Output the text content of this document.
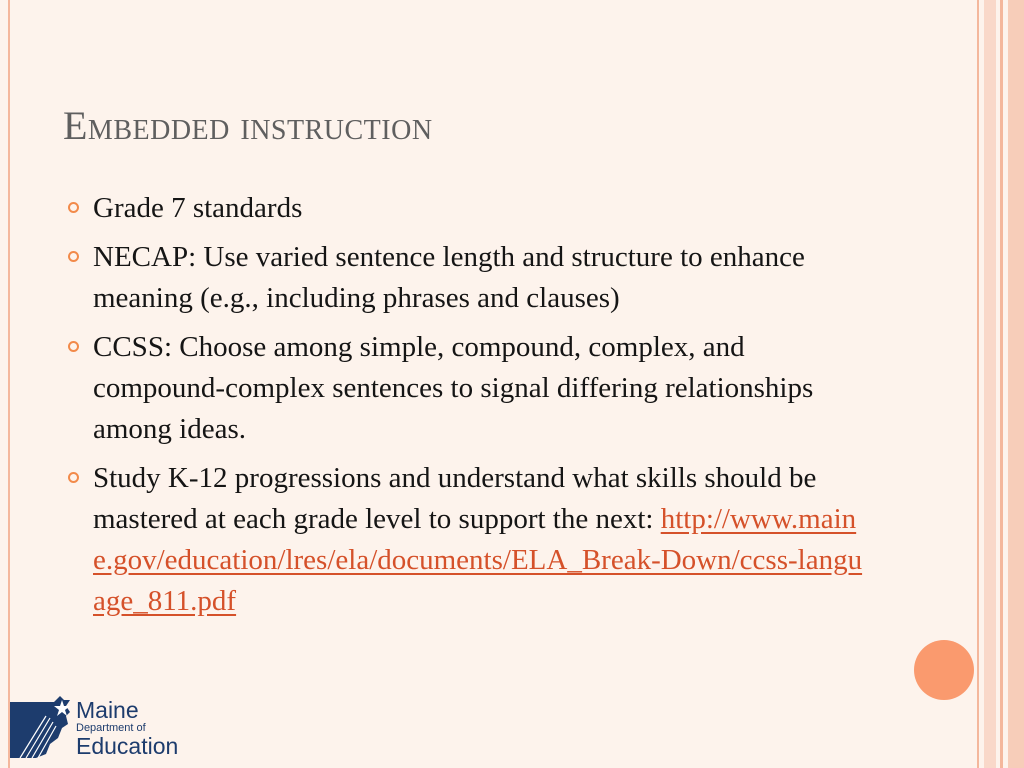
Embedded instruction
Grade 7 standards
NECAP: Use varied sentence length and structure to enhance meaning (e.g., including phrases and clauses)
CCSS: Choose among simple, compound, complex, and compound-complex sentences to signal differing relationships among ideas.
Study K-12 progressions and understand what skills should be mastered at each grade level to support the next: http://www.maine.gov/education/lres/ela/documents/ELA_Break-Down/ccss-language_811.pdf
Maine
Department of
Education
